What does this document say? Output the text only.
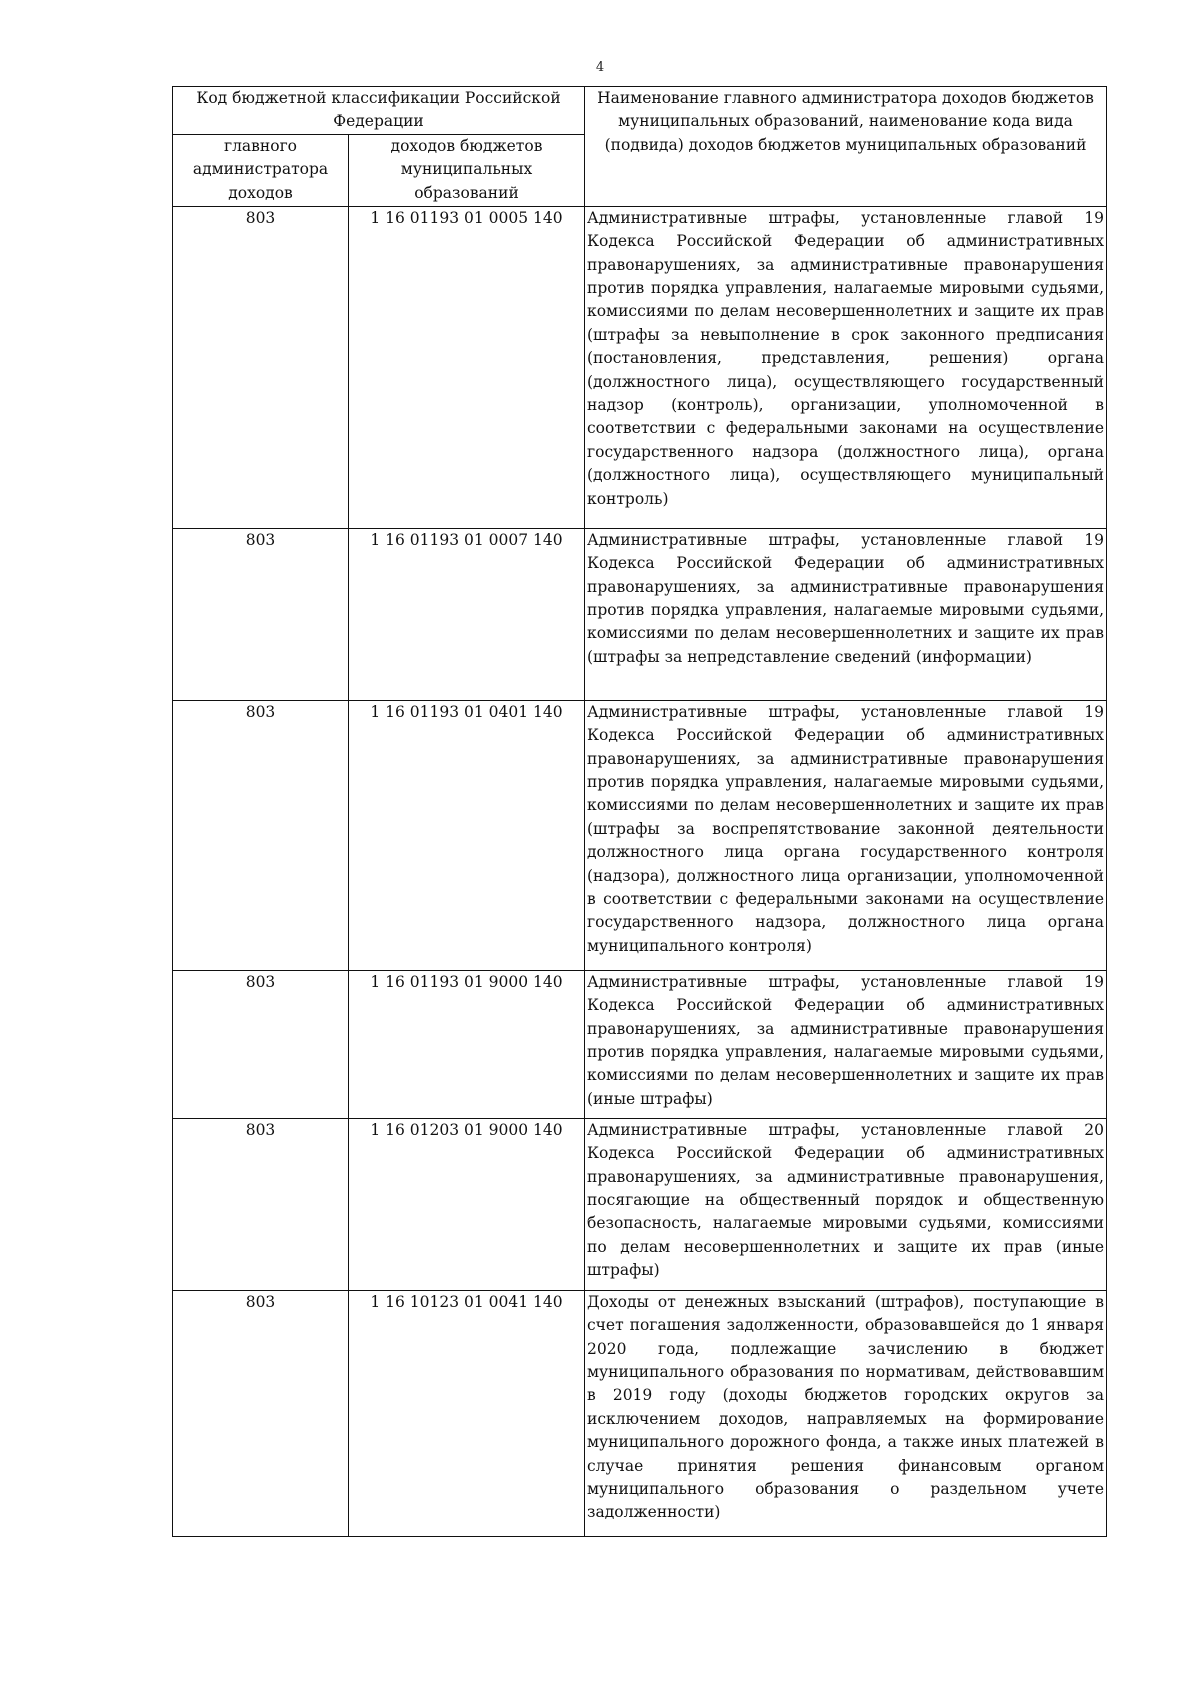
4
Код бюджетной классификации Российской Федерации		Наименование главного администратора доходов бюджетов муниципальных образований, наименование кода вида (подвида) доходов бюджетов муниципальных образований
главного администратора доходов	доходов бюджетов муниципальных образований	
803	1 16 01193 01 0005 140	Административные штрафы, установленные главой 19 Кодекса Российской Федерации об административных правонарушениях, за административные правонарушения против порядка управления, налагаемые мировыми судьями, комиссиями по делам несовершеннолетних и защите их прав (штрафы за невыполнение в срок законного предписания (постановления, представления, решения) органа (должностного лица), осуществляющего государственный надзор (контроль), организации, уполномоченной в соответствии с федеральными законами на осуществление государственного надзора (должностного лица), органа (должностного лица), осуществляющего муниципальный контроль)
803	1 16 01193 01 0007 140	Административные штрафы, установленные главой 19 Кодекса Российской Федерации об административных правонарушениях, за административные правонарушения против порядка управления, налагаемые мировыми судьями, комиссиями по делам несовершеннолетних и защите их прав (штрафы за непредставление сведений (информации)
803	1 16 01193 01 0401 140	Административные штрафы, установленные главой 19 Кодекса Российской Федерации об административных правонарушениях, за административные правонарушения против порядка управления, налагаемые мировыми судьями, комиссиями по делам несовершеннолетних и защите их прав (штрафы за воспрепятствование законной деятельности должностного лица органа государственного контроля (надзора), должностного лица организации, уполномоченной в соответствии с федеральными законами на осуществление государственного надзора, должностного лица органа муниципального контроля)
803	1 16 01193 01 9000 140	Административные штрафы, установленные главой 19 Кодекса Российской Федерации об административных правонарушениях, за административные правонарушения против порядка управления, налагаемые мировыми судьями, комиссиями по делам несовершеннолетних и защите их прав (иные штрафы)
803	1 16 01203 01 9000 140	Административные штрафы, установленные главой 20 Кодекса Российской Федерации об административных правонарушениях, за административные правонарушения, посягающие на общественный порядок и общественную безопасность, налагаемые мировыми судьями, комиссиями по делам несовершеннолетних и защите их прав (иные штрафы)
803	1 16 10123 01 0041 140	Доходы от денежных взысканий (штрафов), поступающие в счет погашения задолженности, образовавшейся до 1 января 2020 года, подлежащие зачислению в бюджет муниципального образования по нормативам, действовавшим в 2019 году (доходы бюджетов городских округов за исключением доходов, направляемых на формирование муниципального дорожного фонда, а также иных платежей в случае принятия решения финансовым органом муниципального образования о раздельном учете задолженности)
